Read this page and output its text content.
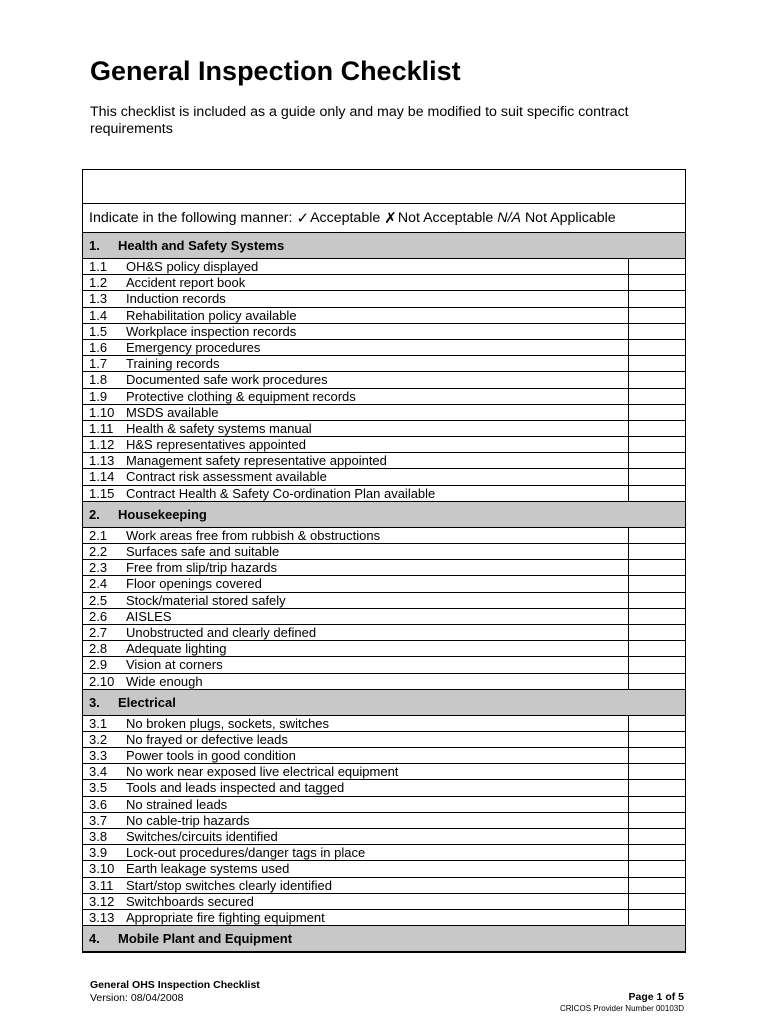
General Inspection Checklist

This checklist is included as a guide only and may be modified to suit specific contract requirements

Indicate in the following manner: ✓ Acceptable ✗ Not Acceptable N/A Not Applicable
1.	Health and Safety Systems
1.1	OH&S policy displayed
1.2	Accident report book
1.3	Induction records
1.4	Rehabilitation policy available
1.5	Workplace inspection records
1.6	Emergency procedures
1.7	Training records
1.8	Documented safe work procedures
1.9	Protective clothing & equipment records
1.10 MSDS available
1.11 Health & safety systems manual
1.12 H&S representatives appointed
1.13 Management safety representative appointed
1.14 Contract risk assessment available
1.15 Contract Health & Safety Co-ordination Plan available
2.	Housekeeping
2.1	Work areas free from rubbish & obstructions
2.2	Surfaces safe and suitable
2.3	Free from slip/trip hazards
2.4	Floor openings covered
2.5	Stock/material stored safely
2.6	AISLES
2.7	Unobstructed and clearly defined
2.8	Adequate lighting
2.9	Vision at corners
2.10 Wide enough
3.	Electrical
3.1	No broken plugs, sockets, switches
3.2	No frayed or defective leads
3.3	Power tools in good condition
3.4	No work near exposed live electrical equipment
3.5	Tools and leads inspected and tagged
3.6	No strained leads
3.7	No cable-trip hazards
3.8	Switches/circuits identified
3.9	Lock-out procedures/danger tags in place
3.10 Earth leakage systems used
3.11 Start/stop switches clearly identified
3.12 Switchboards secured
3.13 Appropriate fire fighting equipment
4.	Mobile Plant and Equipment
General OHS Inspection Checklist
Version: 08/04/2008	Page 1 of 5
CRICOS Provider Number 00103D
